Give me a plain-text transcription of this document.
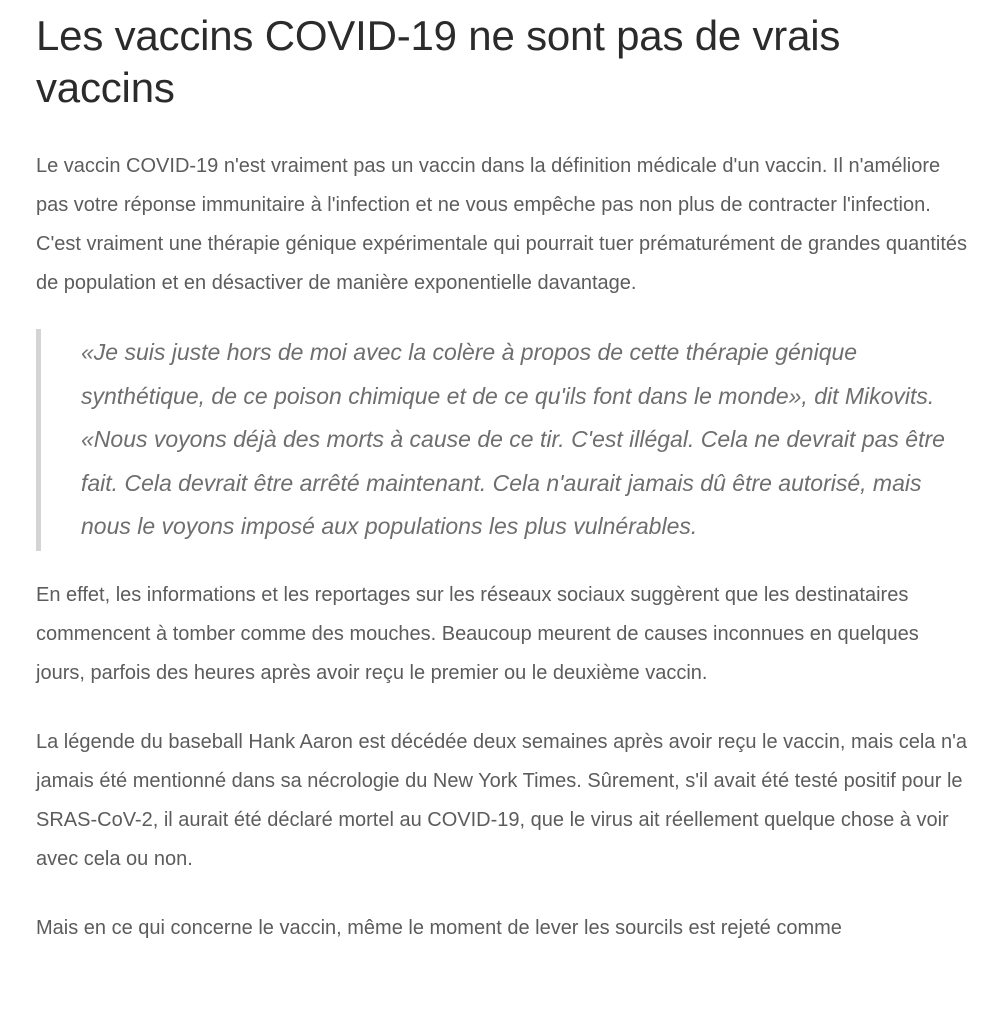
Les vaccins COVID-19 ne sont pas de vrais vaccins

Le vaccin COVID-19 n'est vraiment pas un vaccin dans la définition médicale d'un vaccin. Il n'améliore pas votre réponse immunitaire à l'infection et ne vous empêche pas non plus de contracter l'infection. C'est vraiment une thérapie génique expérimentale qui pourrait tuer prématurément de grandes quantités de population et en désactiver de manière exponentielle davantage.

«Je suis juste hors de moi avec la colère à propos de cette thérapie génique synthétique, de ce poison chimique et de ce qu'ils font dans le monde», dit Mikovits. «Nous voyons déjà des morts à cause de ce tir. C'est illégal. Cela ne devrait pas être fait. Cela devrait être arrêté maintenant. Cela n'aurait jamais dû être autorisé, mais nous le voyons imposé aux populations les plus vulnérables.

En effet, les informations et les reportages sur les réseaux sociaux suggèrent que les destinataires commencent à tomber comme des mouches. Beaucoup meurent de causes inconnues en quelques jours, parfois des heures après avoir reçu le premier ou le deuxième vaccin.

La légende du baseball Hank Aaron est décédée deux semaines après avoir reçu le vaccin, mais cela n'a jamais été mentionné dans sa nécrologie du New York Times. Sûrement, s'il avait été testé positif pour le SRAS-CoV-2, il aurait été déclaré mortel au COVID-19, que le virus ait réellement quelque chose à voir avec cela ou non.

Mais en ce qui concerne le vaccin, même le moment de lever les sourcils est rejeté comme
